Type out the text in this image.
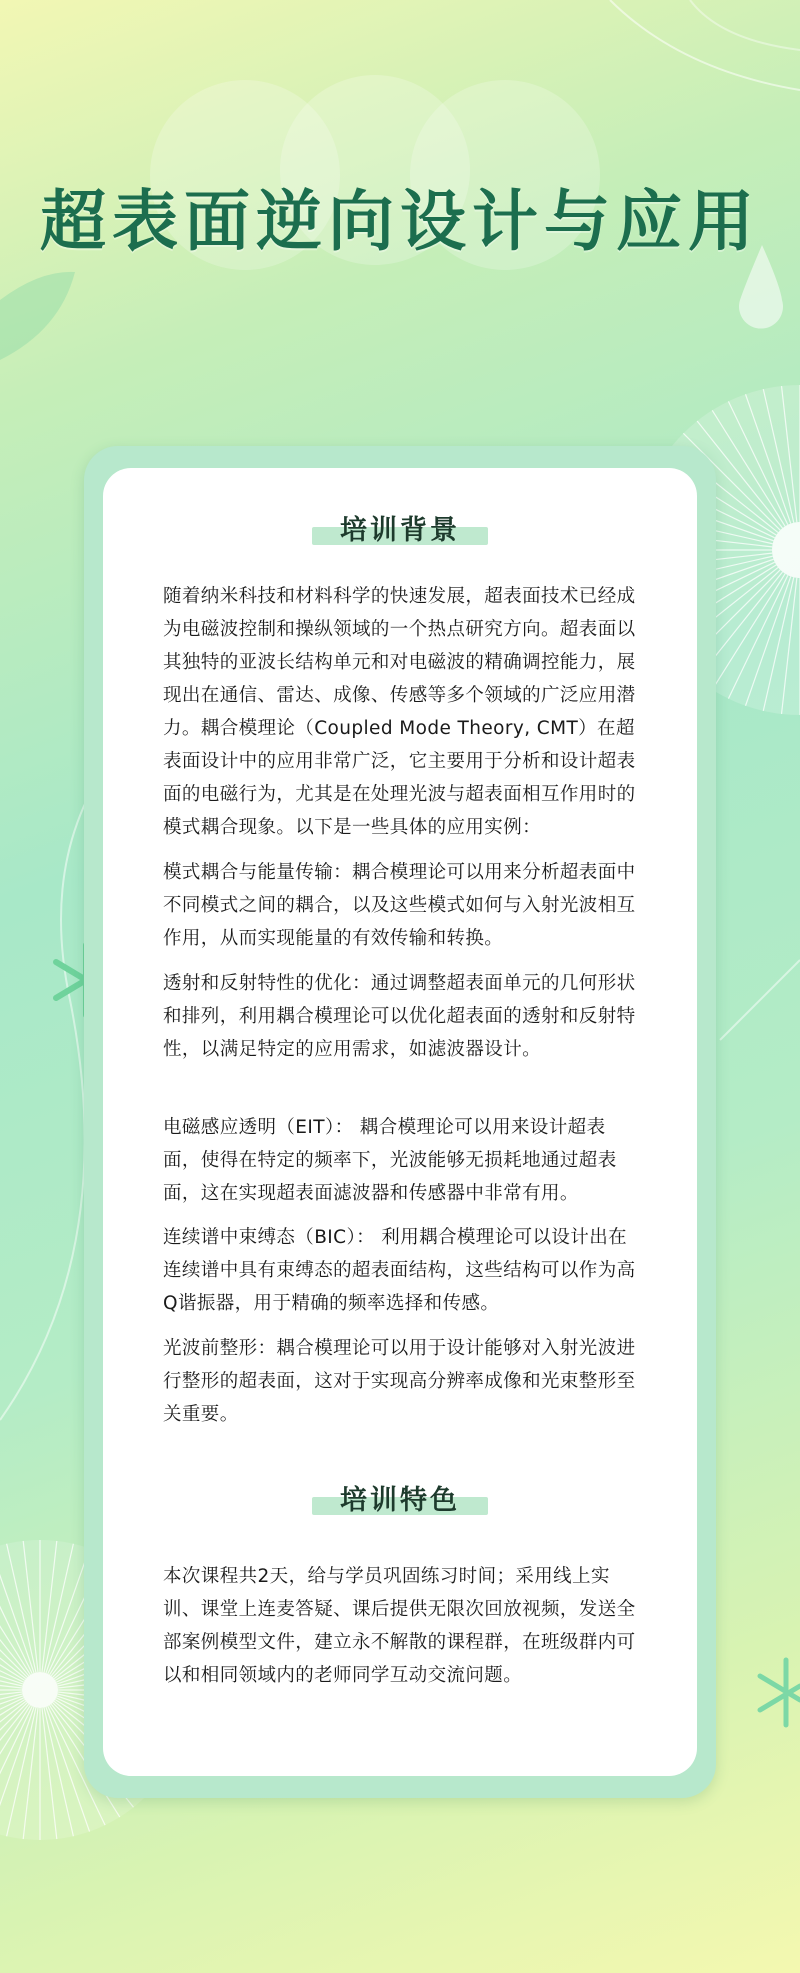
超表面逆向设计与应用
培训背景

随着纳米科技和材料科学的快速发展，超表面技术已经成为电磁波控制和操纵领域的一个热点研究方向。超表面以其独特的亚波长结构单元和对电磁波的精确调控能力，展现出在通信、雷达、成像、传感等多个领域的广泛应用潜力。耦合模理论（Coupled Mode Theory, CMT）在超表面设计中的应用非常广泛，它主要用于分析和设计超表面的电磁行为，尤其是在处理光波与超表面相互作用时的模式耦合现象。以下是一些具体的应用实例：

模式耦合与能量传输：耦合模理论可以用来分析超表面中不同模式之间的耦合，以及这些模式如何与入射光波相互作用，从而实现能量的有效传输和转换。

透射和反射特性的优化：通过调整超表面单元的几何形状和排列，利用耦合模理论可以优化超表面的透射和反射特性，以满足特定的应用需求，如滤波器设计。

电磁感应透明（EIT）： 耦合模理论可以用来设计超表面，使得在特定的频率下，光波能够无损耗地通过超表面，这在实现超表面滤波器和传感器中非常有用。

连续谱中束缚态（BIC）： 利用耦合模理论可以设计出在连续谱中具有束缚态的超表面结构，这些结构可以作为高Q谐振器，用于精确的频率选择和传感。

光波前整形：耦合模理论可以用于设计能够对入射光波进行整形的超表面，这对于实现高分辨率成像和光束整形至关重要。

培训特色

本次课程共2天，给与学员巩固练习时间；采用线上实训、课堂上连麦答疑、课后提供无限次回放视频，发送全部案例模型文件，建立永不解散的课程群，在班级群内可以和相同领域内的老师同学互动交流问题。
